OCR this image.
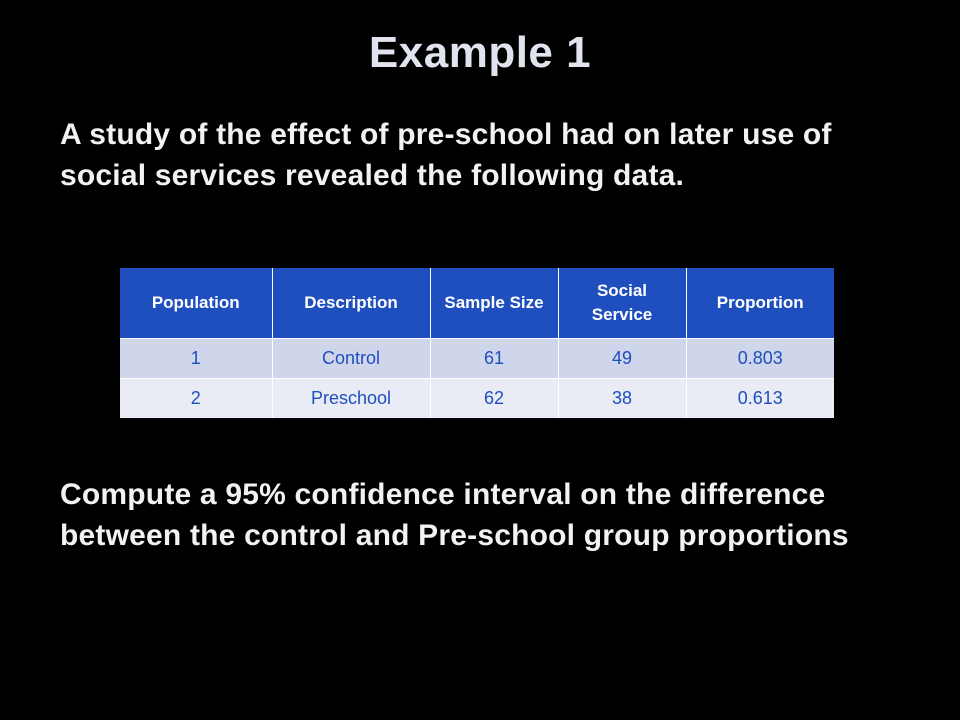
Example 1
A study of the effect of pre-school had on later use of social services revealed the following data.
Population	Description	Sample Size	Social Service	Proportion
1	Control	61	49	0.803
2	Preschool	62	38	0.613
Compute a 95% confidence interval on the difference between the control and Pre-school group proportions
